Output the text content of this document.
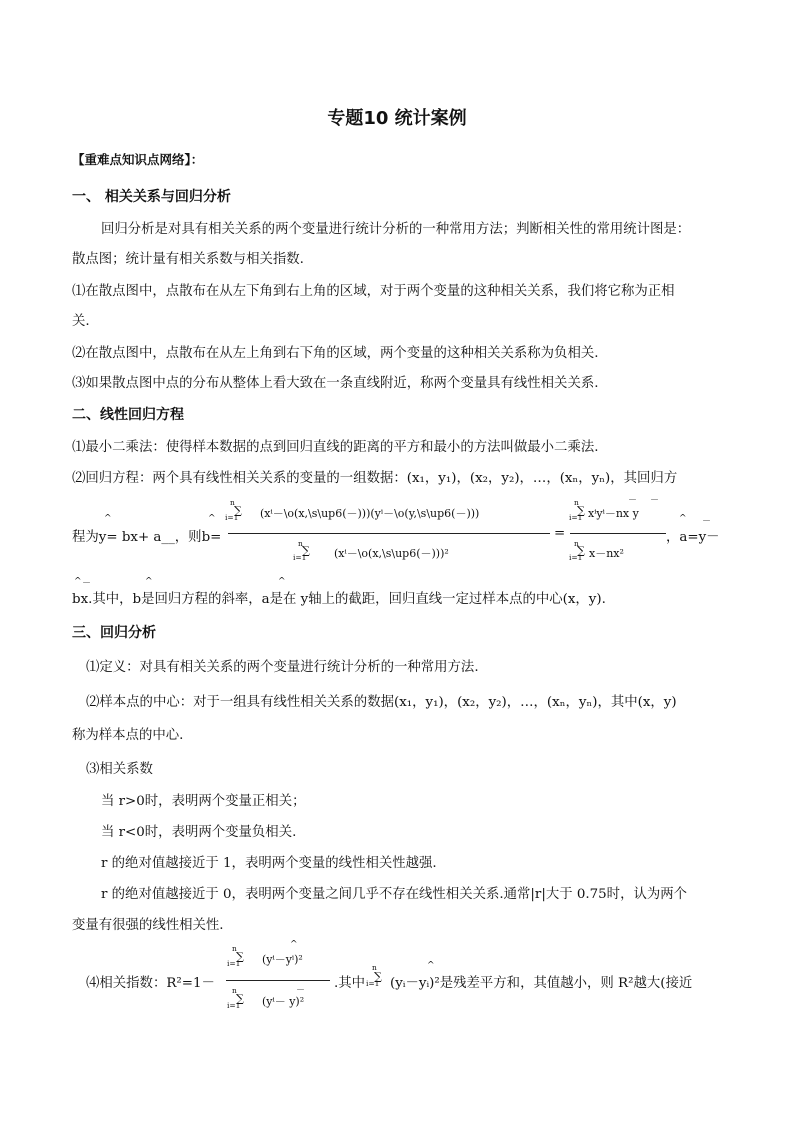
专题10 统计案例
【重难点知识点网络】：
一、 相关关系与回归分析
回归分析是对具有相关关系的两个变量进行统计分析的一种常用方法；判断相关性的常用统计图是：
散点图；统计量有相关系数与相关指数.
⑴在散点图中，点散布在从左下角到右上角的区域，对于两个变量的这种相关关系，我们将它称为正相
关.
⑵在散点图中，点散布在从左上角到右下角的区域，两个变量的这种相关关系称为负相关.
⑶如果散点图中点的分布从整体上看大致在一条直线附近，称两个变量具有线性相关关系.
二、线性回归方程
⑴最小二乘法：使得样本数据的点到回归直线的距离的平方和最小的方法叫做最小二乘法.
⑵回归方程：两个具有线性相关关系的变量的一组数据：(x₁，y₁)，(x₂，y₂)，…，(xₙ，yₙ)，其回归方
^	^
程为y= bx+ a__，则b=
n
i=1
∑ (xⁱ－\o(x,\s\up6(－)))(yⁱ－\o(y,\s\up6(－)))
n
i=1
∑ (xⁱ－\o(x,\s\up6(－)))²
=
－ －
n
i=1
∑ xⁱyⁱ－nx y
n
i=1
∑ x－nx²
^ －
，a=y－
^ －	^	^
bx.其中，b是回归方程的斜率，a是在 y轴上的截距，回归直线一定过样本点的中心(x，y).
三、回归分析
⑴定义：对具有相关关系的两个变量进行统计分析的一种常用方法.
⑵样本点的中心：对于一组具有线性相关关系的数据(x₁，y₁)，(x₂，y₂)，…，(xₙ，yₙ)，其中(x，y)
称为样本点的中心.
⑶相关系数
当 r>0时，表明两个变量正相关；
当 r<0时，表明两个变量负相关.
r 的绝对值越接近于 1，表明两个变量的线性相关性越强.
r 的绝对值越接近于 0，表明两个变量之间几乎不存在线性相关关系.通常|r|大于 0.75时，认为两个
变量有很强的线性相关性.
⑷相关指数：R²=1－
n
i=1
∑
^
(yⁱ－yⁱ)²
n
i=1
∑
－
(yⁱ－ y)²
.其中
n
i=1
∑
^
(yᵢ－yᵢ)²是残差平方和，其值越小，则 R²越大(接近
